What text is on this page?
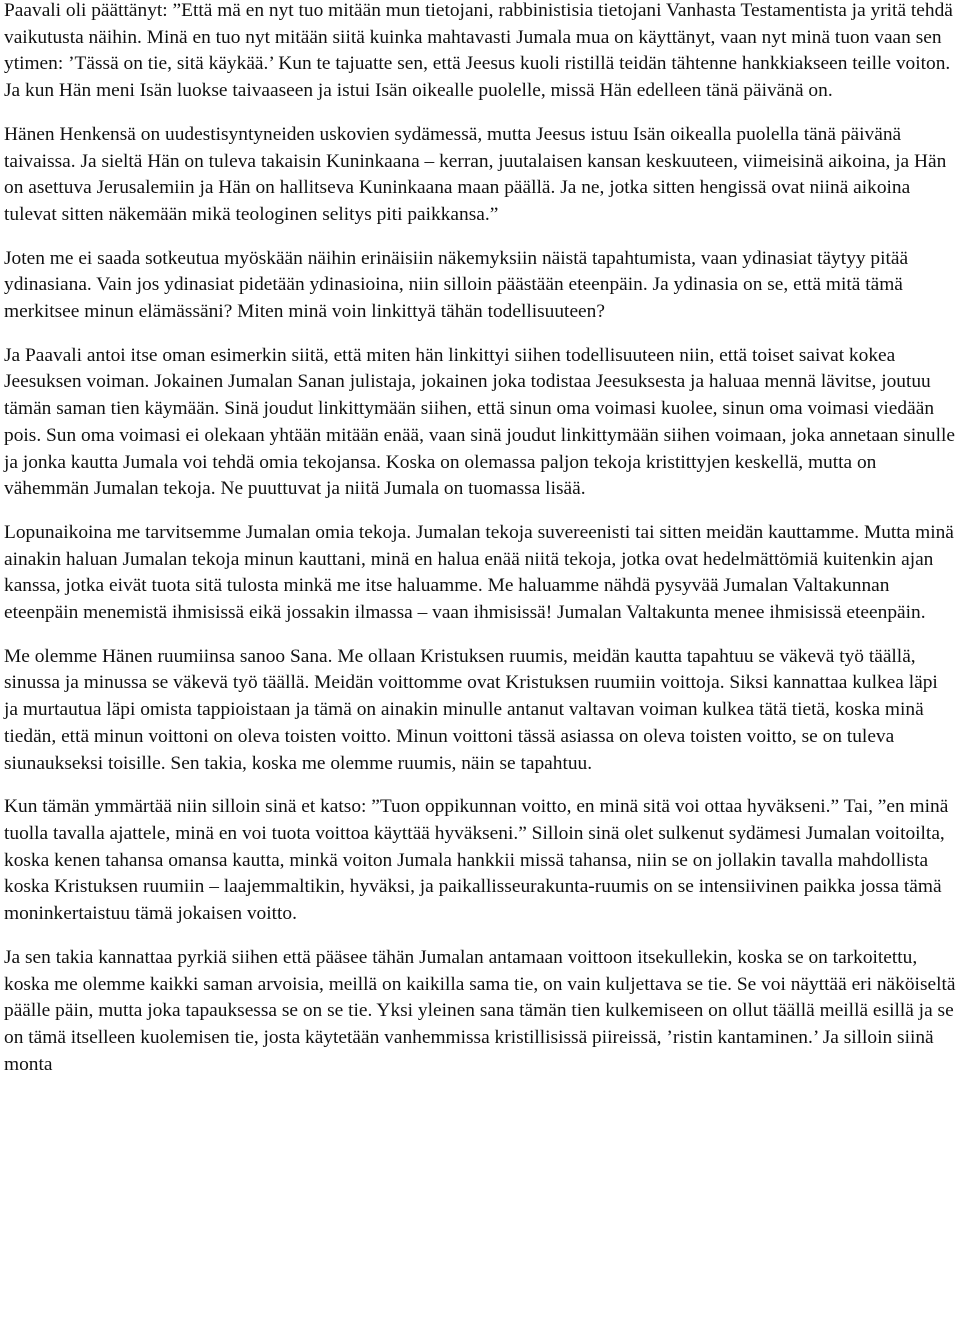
Paavali oli päättänyt: ”Että mä en nyt tuo mitään mun tietojani, rabbinistisia tietojani Vanhasta Testamentista ja yritä tehdä vaikutusta näihin. Minä en tuo nyt mitään siitä kuinka mahtavasti Jumala mua on käyttänyt, vaan nyt minä tuon vaan sen ytimen: ’Tässä on tie, sitä käykää.’ Kun te tajuatte sen, että Jeesus kuoli ristillä teidän tähtenne hankkiakseen teille voiton. Ja kun Hän meni Isän luokse taivaaseen ja istui Isän oikealle puolelle, missä Hän edelleen tänä päivänä on.

Hänen Henkensä on uudestisyntyneiden uskovien sydämessä, mutta Jeesus istuu Isän oikealla puolella tänä päivänä taivaissa. Ja sieltä Hän on tuleva takaisin Kuninkaana – kerran, juutalaisen kansan keskuuteen, viimeisinä aikoina, ja Hän on asettuva Jerusalemiin ja Hän on hallitseva Kuninkaana maan päällä. Ja ne, jotka sitten hengissä ovat niinä aikoina tulevat sitten näkemään mikä teologinen selitys piti paikkansa.”

Joten me ei saada sotkeutua myöskään näihin erinäisiin näkemyksiin näistä tapahtumista, vaan ydinasiat täytyy pitää ydinasiana. Vain jos ydinasiat pidetään ydinasioina, niin silloin päästään eteenpäin. Ja ydinasia on se, että mitä tämä merkitsee minun elämässäni? Miten minä voin linkittyä tähän todellisuuteen?

Ja Paavali antoi itse oman esimerkin siitä, että miten hän linkittyi siihen todellisuuteen niin, että toiset saivat kokea Jeesuksen voiman. Jokainen Jumalan Sanan julistaja, jokainen joka todistaa Jeesuksesta ja haluaa mennä lävitse, joutuu tämän saman tien käymään. Sinä joudut linkittymään siihen, että sinun oma voimasi kuolee, sinun oma voimasi viedään pois. Sun oma voimasi ei olekaan yhtään mitään enää, vaan sinä joudut linkittymään siihen voimaan, joka annetaan sinulle ja jonka kautta Jumala voi tehdä omia tekojansa. Koska on olemassa paljon tekoja kristittyjen keskellä, mutta on vähemmän Jumalan tekoja. Ne puuttuvat ja niitä Jumala on tuomassa lisää.

Lopunaikoina me tarvitsemme Jumalan omia tekoja. Jumalan tekoja suvereenisti tai sitten meidän kauttamme. Mutta minä ainakin haluan Jumalan tekoja minun kauttani, minä en halua enää niitä tekoja, jotka ovat hedelmättömiä kuitenkin ajan kanssa, jotka eivät tuota sitä tulosta minkä me itse haluamme. Me haluamme nähdä pysyvää Jumalan Valtakunnan eteenpäin menemistä ihmisissä eikä jossakin ilmassa – vaan ihmisissä! Jumalan Valtakunta menee ihmisissä eteenpäin.

Me olemme Hänen ruumiinsa sanoo Sana. Me ollaan Kristuksen ruumis, meidän kautta tapahtuu se väkevä työ täällä, sinussa ja minussa se väkevä työ täällä. Meidän voittomme ovat Kristuksen ruumiin voittoja. Siksi kannattaa kulkea läpi ja murtautua läpi omista tappioistaan ja tämä on ainakin minulle antanut valtavan voiman kulkea tätä tietä, koska minä tiedän, että minun voittoni on oleva toisten voitto. Minun voittoni tässä asiassa on oleva toisten voitto, se on tuleva siunaukseksi toisille. Sen takia, koska me olemme ruumis, näin se tapahtuu.

Kun tämän ymmärtää niin silloin sinä et katso: ”Tuon oppikunnan voitto, en minä sitä voi ottaa hyväkseni.” Tai, ”en minä tuolla tavalla ajattele, minä en voi tuota voittoa käyttää hyväkseni.” Silloin sinä olet sulkenut sydämesi Jumalan voitoilta, koska kenen tahansa omansa kautta, minkä voiton Jumala hankkii missä tahansa, niin se on jollakin tavalla mahdollista koska Kristuksen ruumiin – laajemmaltikin, hyväksi, ja paikallisseurakunta-ruumis on se intensiivinen paikka jossa tämä moninkertaistuu tämä jokaisen voitto.

Ja sen takia kannattaa pyrkiä siihen että pääsee tähän Jumalan antamaan voittoon itsekullekin, koska se on tarkoitettu, koska me olemme kaikki saman arvoisia, meillä on kaikilla sama tie, on vain kuljettava se tie. Se voi näyttää eri näköiseltä päälle päin, mutta joka tapauksessa se on se tie. Yksi yleinen sana tämän tien kulkemiseen on ollut täällä meillä esillä ja se on tämä itselleen kuolemisen tie, josta käytetään vanhemmissa kristillisissä piireissä, ’ristin kantaminen.’ Ja silloin siinä monta
